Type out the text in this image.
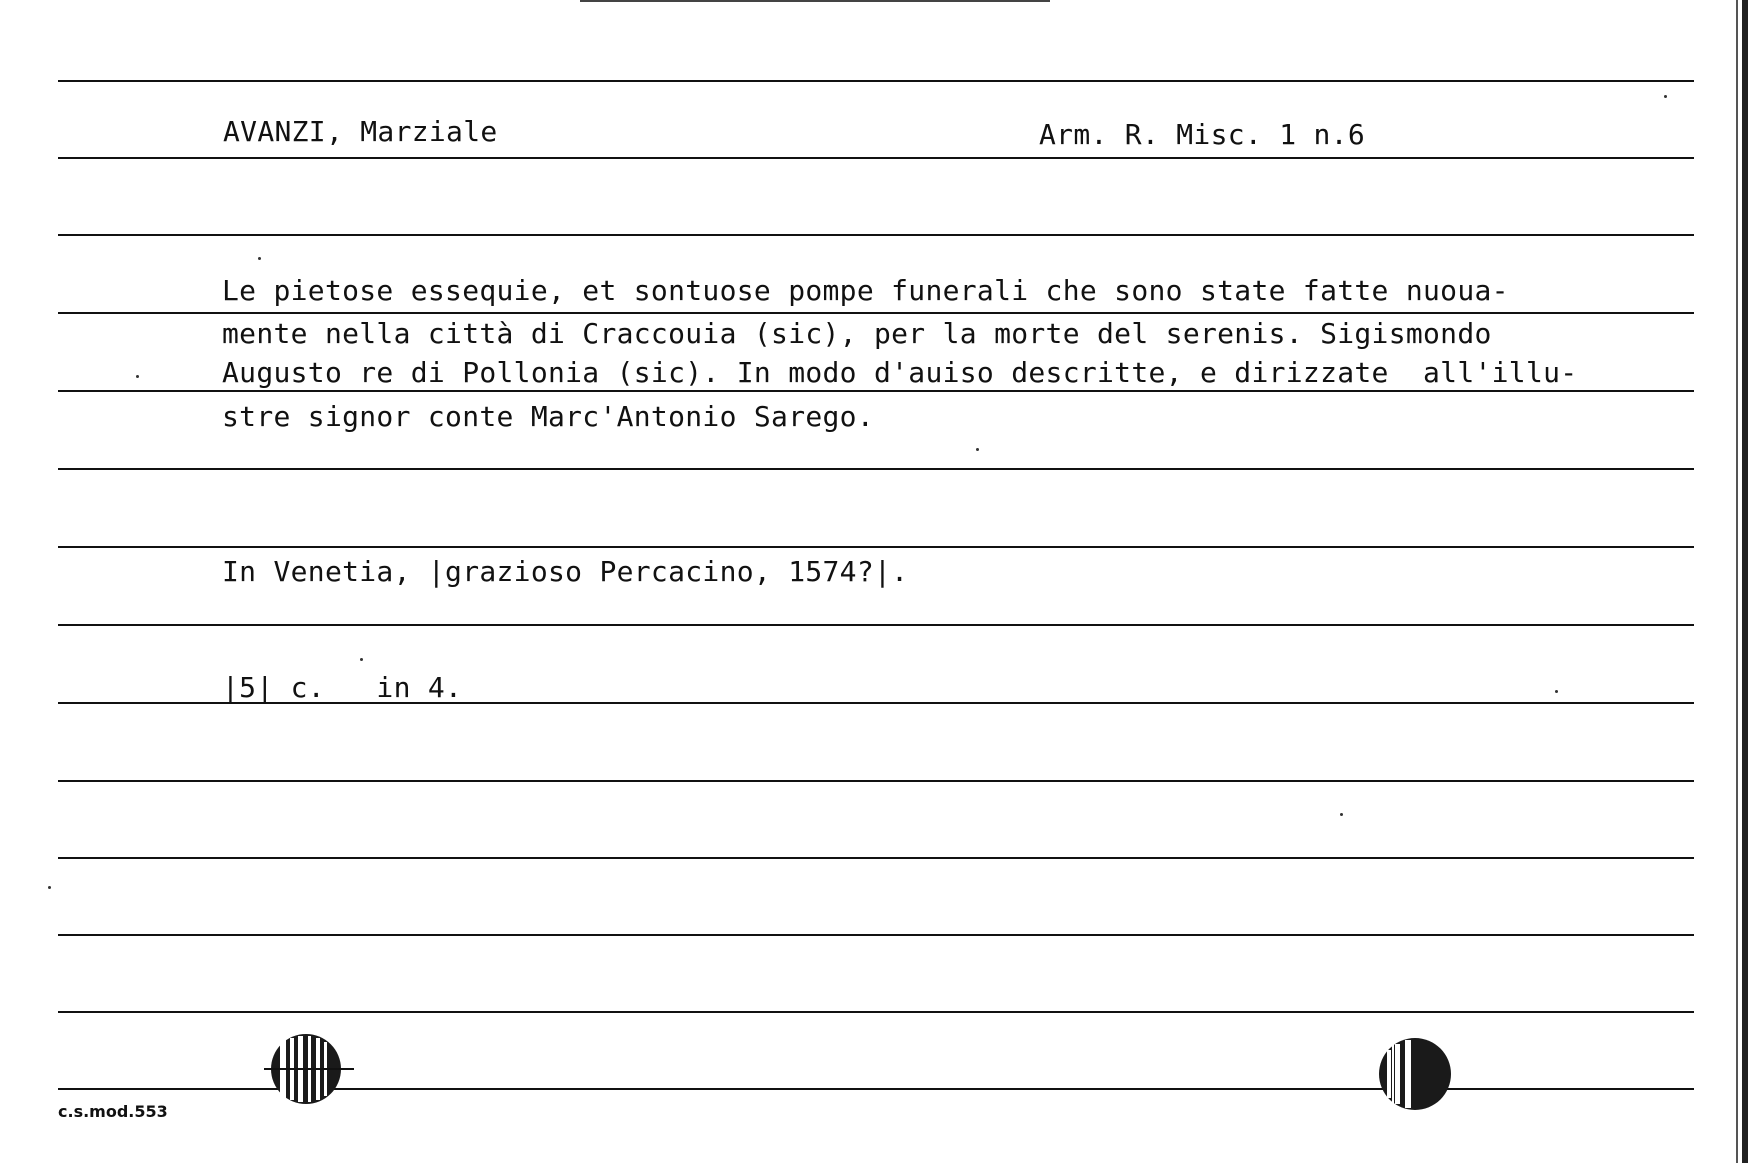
AVANZI, Marziale	Arm. R. Misc. 1 n.6
Le pietose essequie, et sontuose pompe funerali che sono state fatte nuoua-
mente nella città di Craccouia (sic), per la morte del serenis. Sigismondo
Augusto re di Pollonia (sic). In modo d'auiso descritte, e dirizzate  all'illu-
stre signor conte Marc'Antonio Sarego.
In Venetia, |grazioso Percacino, 1574?|.
|5| c.   in 4.
c.s.mod.553
